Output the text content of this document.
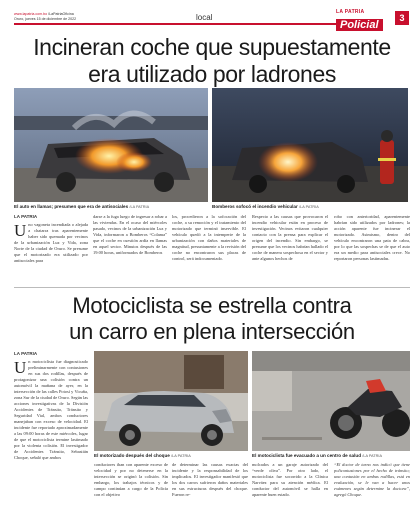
www.lapatria.com.bo /LaPatriaOficina
Oruro, jueves 15 de diciembre de 2022	local
LA PATRIA
Policial
3
Incineran coche que supuestamente
era utilizado por ladrones
El auto en llamas; presumen que era de antisociales /LA PATRIA	Bomberos sofocó el incendio vehicular /LA PATRIA
LA PATRIA
Uno vagoneta incendiada o alejada a chatarra tras aparentemente haber sido quemada por vecinos de la urbanización Luz y Vida, zona Norte de la ciudad de Oruro. Se presume que el motorizado era utilizado por antisociales para
darse a la fuga luego de ingresar a robar a las viviendas. En el ocaso del miércoles pasado, vecinos de la urbanización Luz y Vida, informaron a Bomberos “Colama” que el coche en cuestión ardía en llamas en aquel sector. Minutos después de las 19:00 horas, uniformados de Bomberos
los, procedieron a la sofocación del coche, a su remoción y el tratamiento del motorizado que terminó inservible. El vehículo quedó a la intemperie de la urbanización con daños materiales de magnitud, presuntamente a la revisión del coche no encontraron sus placas de control, será indocumentado.
Respecto a las causas que provocaron el incendio vehicular están en proceso de investigación. Vecinos evitaron cualquier contacto con la prensa para explicar el origen del incendio. Sin embargo, se presume que los vecinos habrían hallado el coche de manera sospechosa en el sector y ante algunos hechos de
robo con anterioridad, aparentemente habrían sido utilizados por ladrones; la acción aparente fue incinerar el motorizado. Asimismo, dentro del vehículo encontraron una pata de cabra, por lo que las sospechas se de que el auto era un medio para antisociales crece. No reportaron personas lastimadas.
Motociclista se estrella contra
un carro en plena intersección
LA PATRIA
Un motociclista fue diagnosticado preliminarmente con contusiones en sus dos rodillas, después de protagonizar una colisión contra un automóvil la mañana de ayer, en la intersección de las calles Potosí y Vicuña, zona Sur de la ciudad de Oruro. Según las acciones investigativas de la División Accidentes de Tránsito, Tránsito y Seguridad Vial, ambos conductores manejaban con exceso de velocidad. El incidente fue reportado aproximadamente a las 09:00 horas de este miércoles, lugar de que el motociclista termine lastimado por la violenta colisión. El investigador de Accidentes Tránsito, Sebastián Choque, señaló que ambos	El motorizado después del choque /LA PATRIA	El motociclista fue evacuado a un centro de salud /LA PATRIA
conductores iban con aparente exceso de velocidad y por no detenerse en la intersección se originó la colisión. Sin embargo, los trabajos técnicos y de campo continúan a cargo de la Policía con el objetivo
de determinar las causas exactas del incidente y la responsabilidad de los implicados. El investigador manifestó que los dos carros sufrieron daños materiales en sus estructuras después del choque. Fueron re-
molcados a un garaje autorizado del “verde oliva”. Por otro lado, el motociclista fue socorrido a la Clínica Narváez para su atención médica. El conductor del automóvil se halla en aparente buen estado.
“El doctor de turno nos indicó que tiene policontusiones por el hecho de tránsito; una contusión en ambas rodillas, está en evaluación, se le van a hacer unos exámenes según determine la doctora”, agregó Choque.
